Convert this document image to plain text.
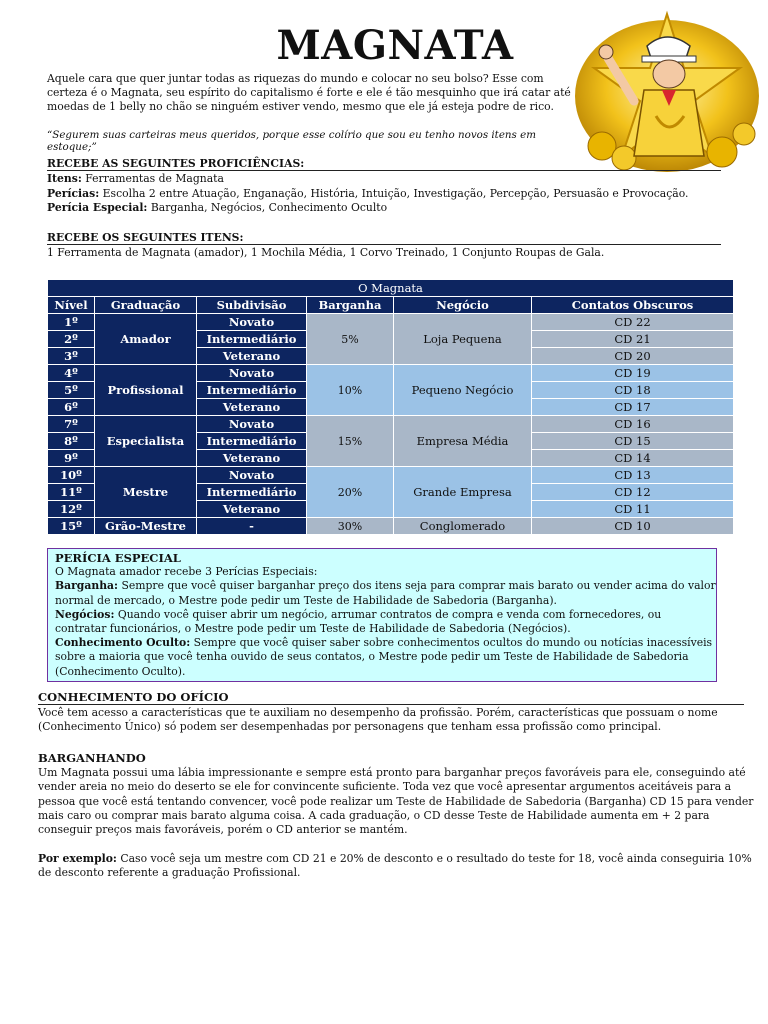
MAGNATA

Aquele cara que quer juntar todas as riquezas do mundo e colocar no seu bolso? Esse com certeza é o Magnata, seu espírito do capitalismo é forte e ele é tão mesquinho que irá catar até moedas de 1 belly no chão se ninguém estiver vendo, mesmo que ele já esteja podre de rico.

“Segurem suas carteiras meus queridos, porque esse colírio que sou eu tenho novos itens em estoque;”

RECEBE AS SEGUINTES PROFICIÊNCIAS:

Itens: Ferramentas de Magnata

Perícias: Escolha 2 entre Atuação, Enganação, História, Intuição, Investigação, Percepção, Persuasão e Provocação.

Perícia Especial: Barganha, Negócios, Conhecimento Oculto

RECEBE OS SEGUINTES ITENS:

1 Ferramenta de Magnata (amador), 1 Mochila Média, 1 Corvo Treinado, 1 Conjunto Roupas de Gala.

O Magnata					
Nível	Graduação	Subdivisão	Barganha	Negócio	Contatos Obscuros
1º	Amador	Novato	5%	Loja Pequena	CD 22
2º		Intermediário			CD 21
3º		Veterano			CD 20
4º	Profissional	Novato	10%	Pequeno Negócio	CD 19
5º		Intermediário			CD 18
6º		Veterano			CD 17
7º	Especialista	Novato	15%	Empresa Média	CD 16
8º		Intermediário			CD 15
9º		Veterano			CD 14
10º	Mestre	Novato	20%	Grande Empresa	CD 13
11º		Intermediário			CD 12
12º		Veterano			CD 11
15º	Grão-Mestre	-	30%	Conglomerado	CD 10

PERÍCIA ESPECIAL

O Magnata amador recebe 3 Perícias Especiais:

Barganha: Sempre que você quiser barganhar preço dos itens seja para comprar mais barato ou vender acima do valor normal de mercado, o Mestre pode pedir um Teste de Habilidade de Sabedoria (Barganha).

Negócios: Quando você quiser abrir um negócio, arrumar contratos de compra e venda com fornecedores, ou contratar funcionários, o Mestre pode pedir um Teste de Habilidade de Sabedoria (Negócios).

Conhecimento Oculto: Sempre que você quiser saber sobre conhecimentos ocultos do mundo ou notícias inacessíveis sobre a maioria que você tenha ouvido de seus contatos, o Mestre pode pedir um Teste de Habilidade de Sabedoria (Conhecimento Oculto).

CONHECIMENTO DO OFÍCIO

Você tem acesso a características que te auxiliam no desempenho da profissão. Porém, características que possuam o nome (Conhecimento Único) só podem ser desempenhadas por personagens que tenham essa profissão como principal.

BARGANHANDO

Um Magnata possui uma lábia impressionante e sempre está pronto para barganhar preços favoráveis para ele, conseguindo até vender areia no meio do deserto se ele for convincente suficiente. Toda vez que você apresentar argumentos aceitáveis para a pessoa que você está tentando convencer, você pode realizar um Teste de Habilidade de Sabedoria (Barganha) CD 15 para vender mais caro ou comprar mais barato alguma coisa. A cada graduação, o CD desse Teste de Habilidade aumenta em + 2 para conseguir preços mais favoráveis, porém o CD anterior se mantém.

Por exemplo: Caso você seja um mestre com CD 21 e 20% de desconto e o resultado do teste for 18, você ainda conseguiria 10% de desconto referente a graduação Profissional.
